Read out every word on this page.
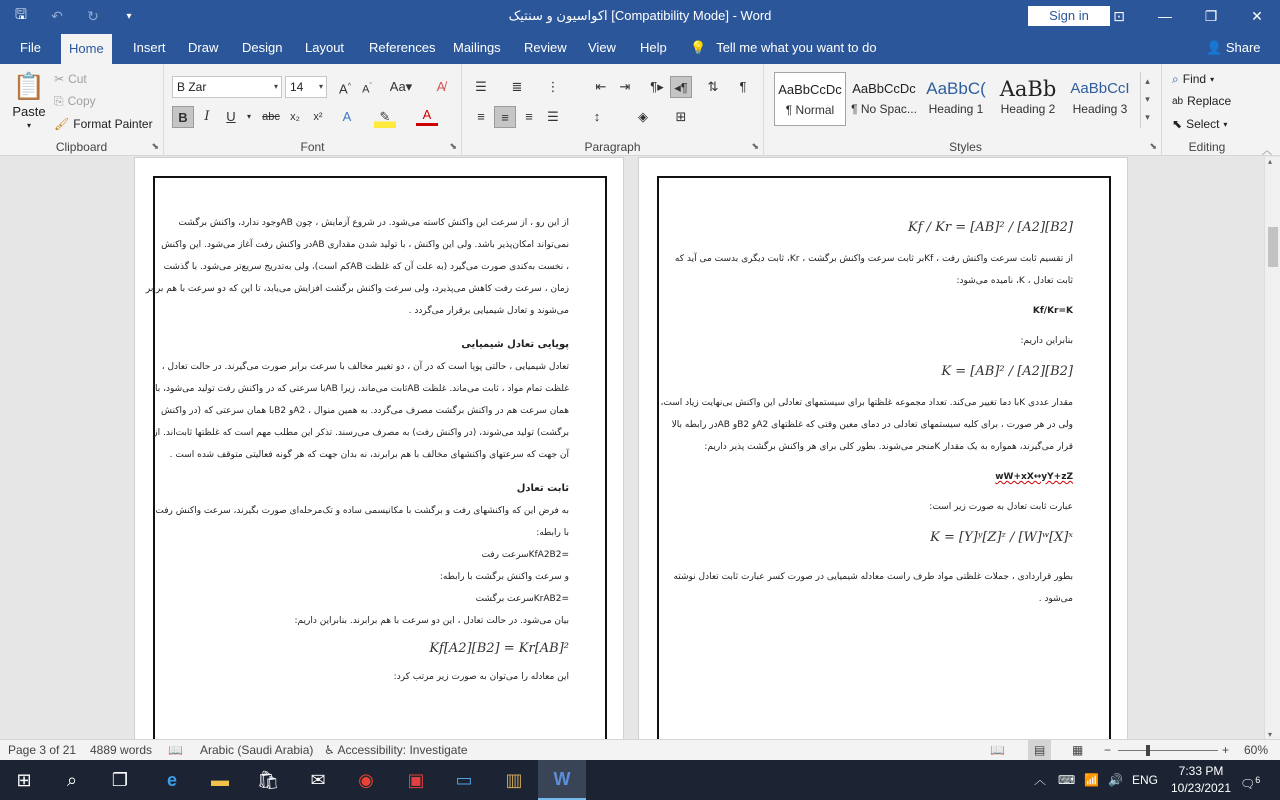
🖫	↶	↻	▾	اکواسیون و سنتیک [Compatibility Mode] - Word	Sign in	⊡	—	❐	✕
File	Home	Insert	Draw	Design	Layout	References	Mailings	Review	View	Help	💡 Tell me what you want to do	👤 Share
📋
Paste
▾
✂ Cut
⎘ Copy
🖌 Format Painter
Clipboard	⬊
B Zar	▾	14 ▾	A^	$A^ˇ$	Aa▾	A̸
B	I	U	▾	abc x₂	x²	A	✎	A
Font	⬊
☰	≣	⋮	⇤	⇥	¶▸ ◂¶	⇅	¶
≡	≡	≡	☰	↕	◈	⊞
Paragraph	⬊
AaBbCcDc
¶ Normal
AaBbCcDc
¶ No Spac...
AaBbC(
Heading 1
AaBb
Heading 2
AaBbCcI
Heading 3
▴
▾
▾
Styles	⬊
⌕ Find ▾
ab Replace
⬉ Select ▾
Editing	︿
از این رو ، از سرعت این واکنش کاسته می‌شود. در شروع آزمایش ، چون ABوجود ندارد، واکنش برگشت
نمی‌تواند امکان‌پذیر باشد. ولی این واکنش ، با تولید شدن مقداری ABدر واکنش رفت آغاز می‌شود. این واکنش
، نخست به‌کندی صورت می‌گیرد (به علت آن که غلظت ABکم است)، ولی به‌تدریج سریع‌تر می‌شود. با گذشت
زمان ، سرعت رفت کاهش می‌پذیرد، ولی سرعت واکنش برگشت افزایش می‌یابد، تا این که دو سرعت با هم برابر
می‌شوند و تعادل شیمیایی برقرار می‌گردد .
پویایی تعادل شیمیایی
تعادل شیمیایی ، حالتی پویا است که در آن ، دو تغییر مخالف با سرعت برابر صورت می‌گیرند. در حالت تعادل ،
غلظت تمام مواد ، ثابت می‌ماند. غلظت ABثابت می‌ماند، زیرا ABبا سرعتی که در واکنش رفت تولید می‌شود، با
همان سرعت هم در واکنش برگشت مصرف می‌گردد. به همین منوال ، A2و B2با همان سرعتی که (در واکنش
برگشت) تولید می‌شوند، (در واکنش رفت) به مصرف می‌رسند. تذکر این مطلب مهم است که غلظتها ثابت‌اند. از
آن جهت که سرعتهای واکنشهای مخالف با هم برابرند، نه بدان جهت که هر گونه فعالیتی متوقف شده است .
ثابت تعادل
به فرض این که واکنشهای رفت و برگشت با مکانیسمی ساده و تک‌مرحله‌ای صورت بگیرند، سرعت واکنش رفت
با رابطه:
=KfA2B2سرعت رفت
و سرعت واکنش برگشت با رابطه:
=KrAB2سرعت برگشت
بیان می‌شود. در حالت تعادل ، این دو سرعت با هم برابرند. بنابراین داریم:
Kf[A2][B2] = Kr[AB]²
این معادله را می‌توان به صورت زیر مرتب کرد:
Kf / Kr = [AB]² / [A2][B2]
از تقسیم ثابت سرعت واکنش رفت ، Kfبر ثابت سرعت واکنش برگشت ، Kr، ثابت دیگری بدست می آید که
ثابت تعادل ، K، نامیده می‌شود:
Kf/Kr=K
بنابراین داریم:
K = [AB]² / [A2][B2]
مقدار عددی Kبا دما تغییر می‌کند. تعداد مجموعه غلظتها برای سیستمهای تعادلی این واکنش بی‌نهایت زیاد است،
ولی در هر صورت ، برای کلیه سیستمهای تعادلی در دمای معین وقتی که غلظتهای A2و B2و ABدر رابطه بالا
قرار می‌گیرند، همواره به یک مقدار Kمنجر می‌شوند. بطور کلی برای هر واکنش برگشت پذیر داریم:
wW+xX↔yY+zZ
عبارت ثابت تعادل به صورت زیر است:
K = [Y]ʸ[Z]ᶻ / [W]ʷ[X]ˣ
بطور قراردادی ، جملات غلظتی مواد طرف راست معادله شیمیایی در صورت کسر عبارت ثابت تعادل نوشته
می‌شود .
▴
▾
Page 3 of 21 4889 words 📖 Arabic (Saudi Arabia) ♿ Accessibility: Investigate	📖	▤	▦ −	+ 60%
⊞	⌕	❐	e	▬	🛍	✉	◉	▣	▭	▥	W	︿ ⌨ 📶 🔊 ENG
7:33 PM
10/23/2021 🗨$^6$
